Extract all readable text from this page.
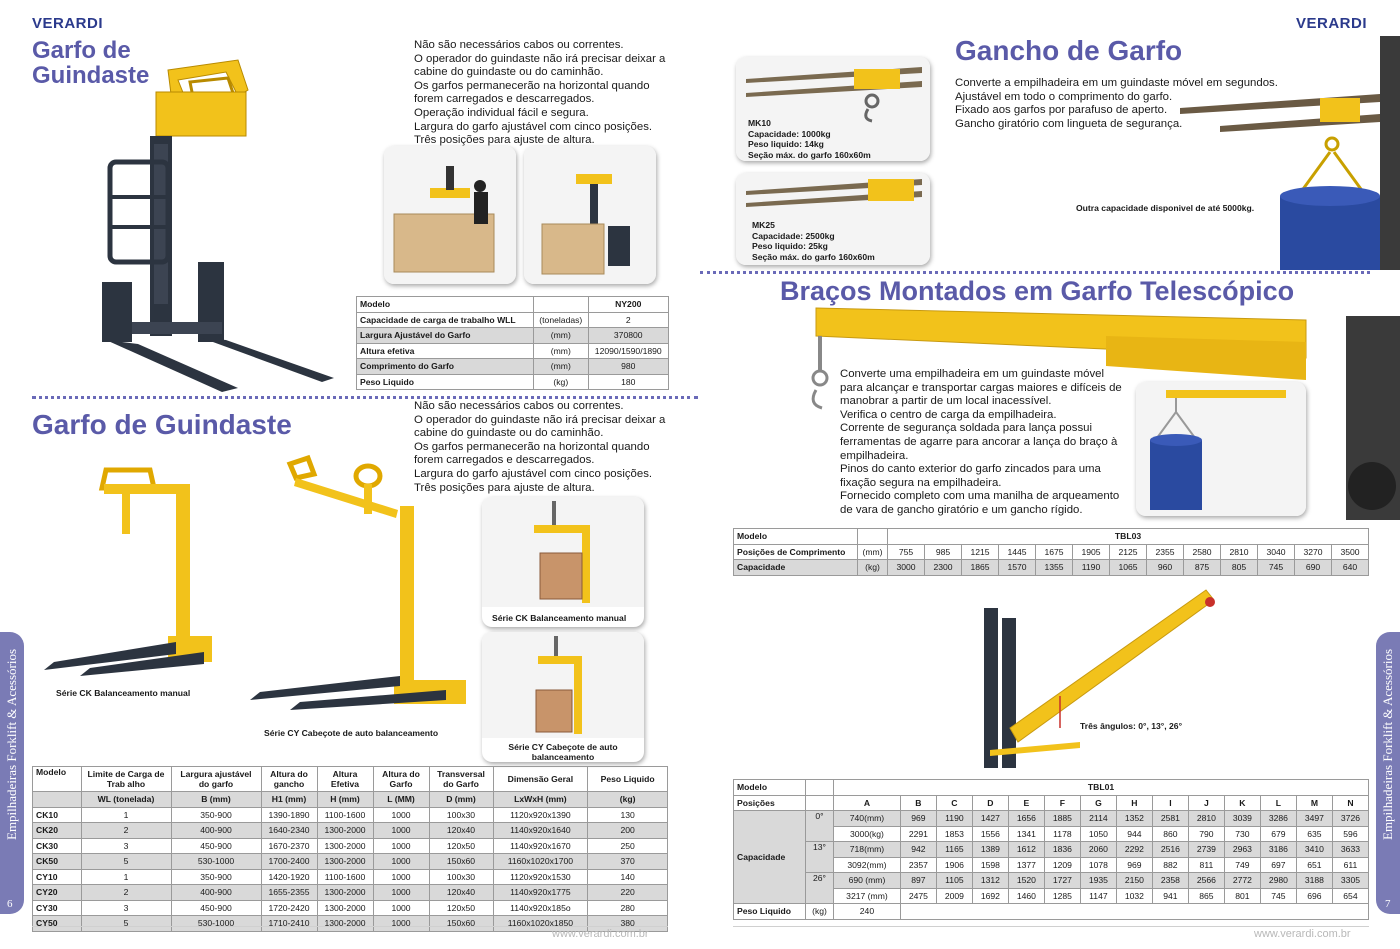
VERARDI
Garfo de
Guindaste
Não são necessários cabos ou correntes.
O operador do guindaste não irá precisar deixar a
cabine do guindaste ou do caminhão.
Os garfos permanecerão na horizontal quando
forem carregados e descarregados.
Operação individual fácil e segura.
Largura do garfo ajustável com cinco posições.
Três posições para ajuste de altura.
Modelo		NY200
Capacidade de carga de trabalho WLL	(toneladas)	2
Largura Ajustável do Garfo	(mm)	370800
Altura efetiva	(mm)	12090/1590/1890
Comprimento do Garfo	(mm)	980
Peso Liquido	(kg)	180
Garfo de Guindaste
Não são necessários cabos ou correntes.
O operador do guindaste não irá precisar deixar a
cabine do guindaste ou do caminhão.
Os garfos permanecerão na horizontal quando
forem carregados e descarregados.
Largura do garfo ajustável com cinco posições.
Três posições para ajuste de altura.
Série CK Balanceamento manual
Série CY Cabeçote de auto balanceamento
Série CK Balanceamento manual
Série CY Cabeçote de auto
balanceamento
Modelo	Limite de Carga de Trab alho	Largura ajustável do garfo	Altura do gancho	Altura Efetiva	Altura do Garfo	Transversal do Garfo	Dimensão Geral	Peso Liquido
	WL (tonelada)	B (mm)	H1 (mm)	H (mm)	L (MM)	D (mm)	LxWxH (mm)	(kg)
CK10	1	350-900	1390-1890	1100-1600	1000	100x30	1120x920x1390	130
CK20	2	400-900	1640-2340	1300-2000	1000	120x40	1140x920x1640	200
CK30	3	450-900	1670-2370	1300-2000	1000	120x50	1140x920x1670	250
CK50	5	530-1000	1700-2400	1300-2000	1000	150x60	1160x1020x1700	370
CY10	1	350-900	1420-1920	1100-1600	1000	100x30	1120x920x1530	140
CY20	2	400-900	1655-2355	1300-2000	1000	120x40	1140x920x1775	220
CY30	3	450-900	1720-2420	1300-2000	1000	120x50	1140x920x185o	280
CY50	5	530-1000	1710-2410	1300-2000	1000	150x60	1160x1020x1850	380
www.verardi.com.br
Empilhadeiras Forklift & Acessórios
6
VERARDI
MK10
Capacidade: 1000kg
Peso liquido: 14kg
Seção máx. do garfo 160x60m
MK25
Capacidade: 2500kg
Peso liquido: 25kg
Seção máx. do garfo 160x60m
Gancho de Garfo
Converte a empilhadeira em um guindaste móvel em segundos.
Ajustável em todo o comprimento do garfo.
Fixado aos garfos por parafuso de aperto.
Gancho giratório com lingueta de segurança.
Outra capacidade disponivel de até 5000kg.
Braços Montados em Garfo Telescópico
Converte uma empilhadeira em um guindaste móvel
para alcançar e transportar cargas maiores e difíceis de
manobrar a partir de um local inacessível.
Verifica o centro de carga da empilhadeira.
Corrente de segurança soldada para lança possui
ferramentas de agarre para ancorar a lança do braço à
empilhadeira.
Pinos do canto exterior do garfo zincados para uma
fixação segura na empilhadeira.
Fornecido completo com uma manilha de arqueamento
de vara de gancho giratório e um gancho rígido.
Modelo		TBL03												
Posições de Comprimento	(mm)	755	985	1215	1445	1675	1905	2125	2355	2580	2810	3040	3270	3500
Capacidade	(kg)	3000	2300	1865	1570	1355	1190	1065	960	875	805	745	690	640
Três ângulos: 0°, 13°, 26°
Modelo		TBL01													
Posições		A	B	C	D	E	F	G	H	I	J	K	L	M	N
Capacidade	0°	740(mm)	969	1190	1427	1656	1885	2114	1352	2581	2810	3039	3286	3497	3726
		3000(kg)	2291	1853	1556	1341	1178	1050	944	860	790	730	679	635	596
	13°	718(mm)	942	1165	1389	1612	1836	2060	2292	2516	2739	2963	3186	3410	3633
		3092(mm)	2357	1906	1598	1377	1209	1078	969	882	811	749	697	651	611
	26°	690 (mm)	897	1105	1312	1520	1727	1935	2150	2358	2566	2772	2980	3188	3305
		3217 (mm)	2475	2009	1692	1460	1285	1147	1032	941	865	801	745	696	654
Peso Liquido	(kg)	240													
www.verardi.com.br
Empilhadeiras Forklift & Acessórios
7
